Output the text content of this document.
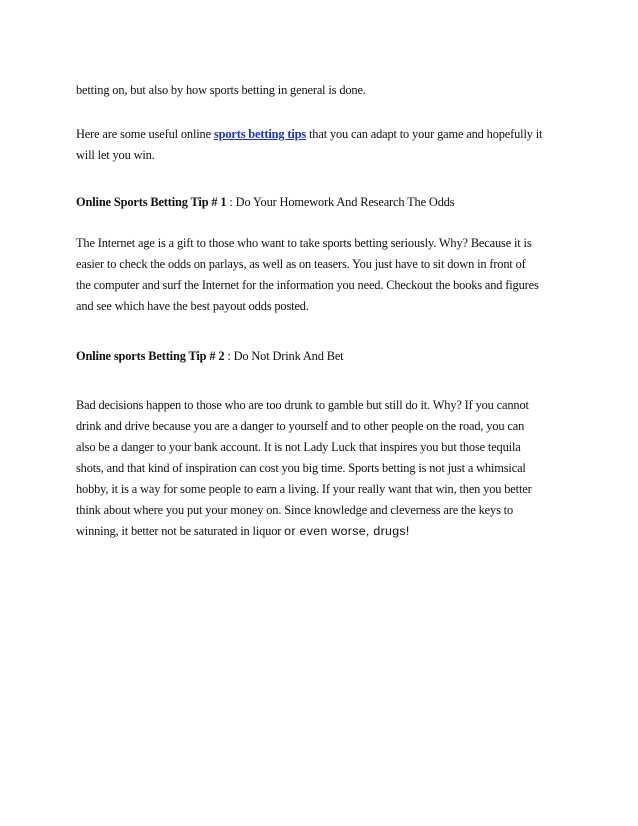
betting on, but also by how sports betting in general is done.
Here are some useful online sports betting tips that you can adapt to your game and hopefully it
will let you win.
Online Sports Betting Tip # 1 : Do Your Homework And Research The Odds
The Internet age is a gift to those who want to take sports betting seriously. Why? Because it is
easier to check the odds on parlays, as well as on teasers. You just have to sit down in front of
the computer and surf the Internet for the information you need. Checkout the books and figures
and see which have the best payout odds posted.
Online sports Betting Tip # 2 : Do Not Drink And Bet
Bad decisions happen to those who are too drunk to gamble but still do it. Why? If you cannot
drink and drive because you are a danger to yourself and to other people on the road, you can
also be a danger to your bank account. It is not Lady Luck that inspires you but those tequila
shots, and that kind of inspiration can cost you big time. Sports betting is not just a whimsical
hobby, it is a way for some people to earn a living. If your really want that win, then you better
think about where you put your money on. Since knowledge and cleverness are the keys to
winning, it better not be saturated in liquor or even worse, drugs!
